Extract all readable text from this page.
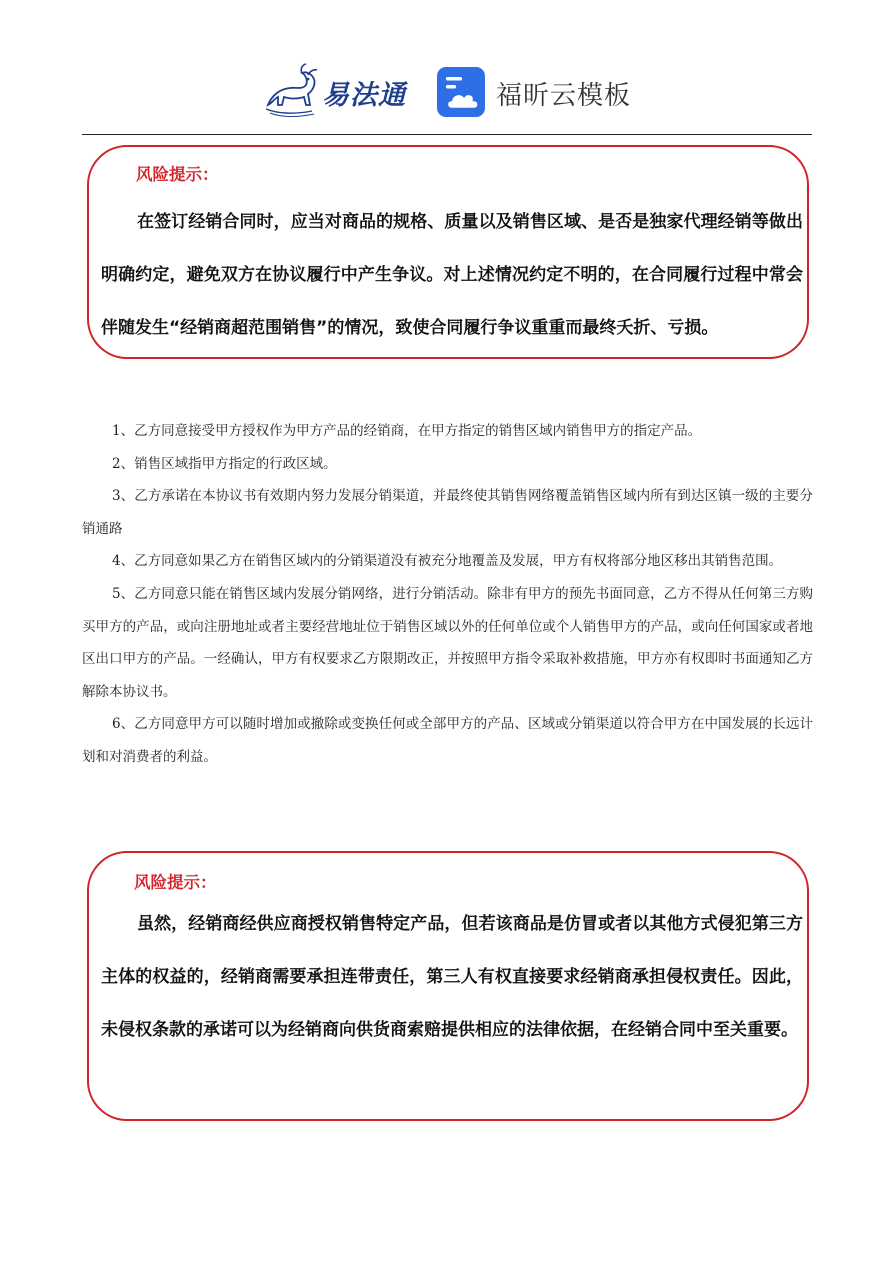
易法通	福昕云模板
风险提示：
在签订经销合同时，应当对商品的规格、质量以及销售区域、是否是独家代理经销等做出明确约定，避免双方在协议履行中产生争议。对上述情况约定不明的，在合同履行过程中常会伴随发生“经销商超范围销售”的情况，致使合同履行争议重重而最终夭折、亏损。

1、乙方同意接受甲方授权作为甲方产品的经销商，在甲方指定的销售区域内销售甲方的指定产品。

2、销售区域指甲方指定的行政区域。

3、乙方承诺在本协议书有效期内努力发展分销渠道，并最终使其销售网络覆盖销售区域内所有到达区镇一级的主要分销通路

4、乙方同意如果乙方在销售区域内的分销渠道没有被充分地覆盖及发展，甲方有权将部分地区移出其销售范围。

5、乙方同意只能在销售区域内发展分销网络，进行分销活动。除非有甲方的预先书面同意，乙方不得从任何第三方购买甲方的产品，或向注册地址或者主要经营地址位于销售区域以外的任何单位或个人销售甲方的产品，或向任何国家或者地区出口甲方的产品。一经确认，甲方有权要求乙方限期改正，并按照甲方指令采取补救措施，甲方亦有权即时书面通知乙方解除本协议书。

6、乙方同意甲方可以随时增加或撤除或变换任何或全部甲方的产品、区域或分销渠道以符合甲方在中国发展的长远计划和对消费者的利益。

风险提示：
虽然，经销商经供应商授权销售特定产品，但若该商品是仿冒或者以其他方式侵犯第三方主体的权益的，经销商需要承担连带责任，第三人有权直接要求经销商承担侵权责任。因此，未侵权条款的承诺可以为经销商向供货商索赔提供相应的法律依据，在经销合同中至关重要。
